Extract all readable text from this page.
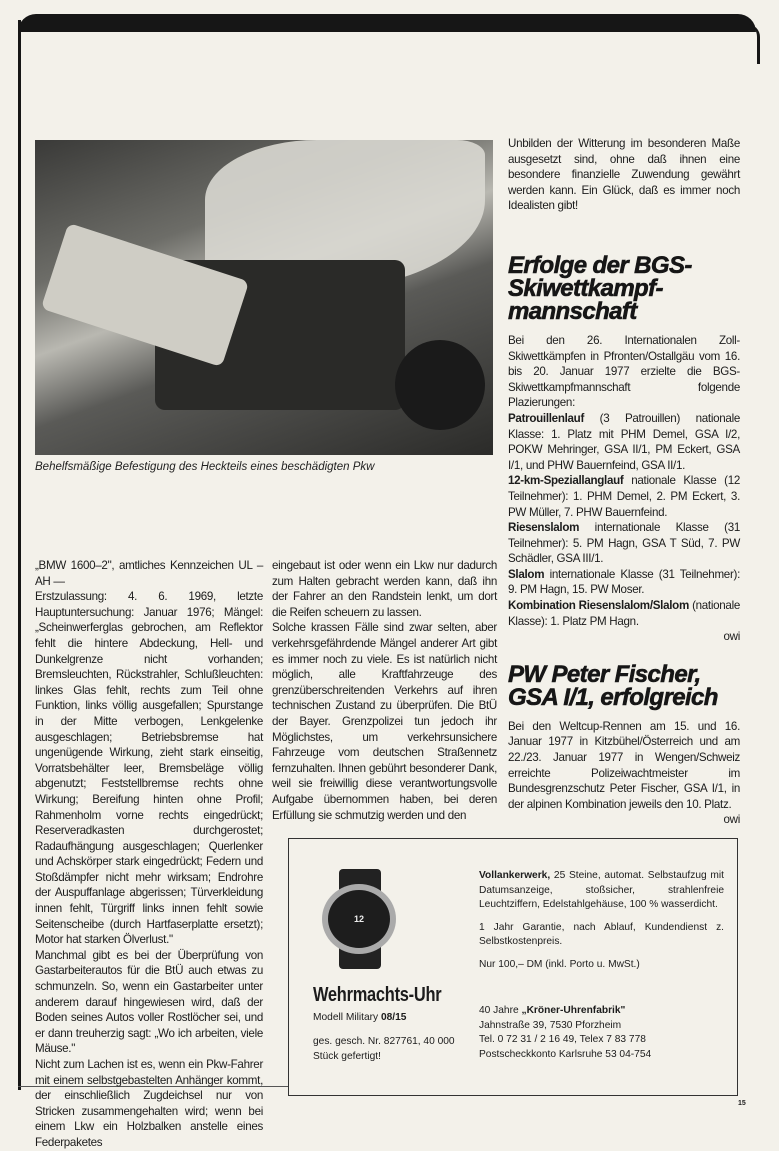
Behelfsmäßige Befestigung des Heckteils eines beschädigten Pkw

„BMW 1600–2", amtliches Kennzeichen UL – AH —

Erstzulassung: 4. 6. 1969, letzte Hauptuntersuchung: Januar 1976; Mängel: „Scheinwerferglas gebrochen, am Reflektor fehlt die hintere Abdeckung, Hell- und Dunkelgrenze nicht vorhanden; Bremsleuchten, Rückstrahler, Schlußleuchten: linkes Glas fehlt, rechts zum Teil ohne Funktion, links völlig ausgefallen; Spurstange in der Mitte verbogen, Lenkgelenke ausgeschlagen; Betriebsbremse hat ungenügende Wirkung, zieht stark einseitig, Vorratsbehälter leer, Bremsbeläge völlig abgenutzt; Feststellbremse rechts ohne Wirkung; Bereifung hinten ohne Profil; Rahmenholm vorne rechts eingedrückt; Reserveradkasten durchgerostet; Radaufhängung ausgeschlagen; Querlenker und Achskörper stark eingedrückt; Federn und Stoßdämpfer nicht mehr wirksam; Endrohre der Auspuffanlage abgerissen; Türverkleidung innen fehlt, Türgriff links innen fehlt sowie Seitenscheibe (durch Hartfaserplatte ersetzt); Motor hat starken Ölverlust."

Manchmal gibt es bei der Überprüfung von Gastarbeiterautos für die BtÜ auch etwas zu schmunzeln. So, wenn ein Gastarbeiter unter anderem darauf hingewiesen wird, daß der Boden seines Autos voller Rostlöcher sei, und er dann treuherzig sagt: „Wo ich arbeiten, viele Mäuse."

Nicht zum Lachen ist es, wenn ein Pkw-Fahrer mit einem selbstgebastelten Anhänger kommt, der einschließlich Zugdeichsel nur von Stricken zusammengehalten wird; wenn bei einem Lkw ein Holzbalken anstelle eines Federpaketes

eingebaut ist oder wenn ein Lkw nur dadurch zum Halten gebracht werden kann, daß ihn der Fahrer an den Randstein lenkt, um dort die Reifen scheuern zu lassen.

Solche krassen Fälle sind zwar selten, aber verkehrsgefährdende Mängel anderer Art gibt es immer noch zu viele. Es ist natürlich nicht möglich, alle Kraftfahrzeuge des grenzüberschreitenden Verkehrs auf ihren technischen Zustand zu überprüfen. Die BtÜ der Bayer. Grenzpolizei tun jedoch ihr Möglichstes, um verkehrsunsichere Fahrzeuge vom deutschen Straßennetz fernzuhalten. Ihnen gebührt besonderer Dank, weil sie freiwillig diese verantwortungsvolle Aufgabe übernommen haben, bei deren Erfüllung sie schmutzig werden und den

Unbilden der Witterung im besonderen Maße ausgesetzt sind, ohne daß ihnen eine besondere finanzielle Zuwendung gewährt werden kann. Ein Glück, daß es immer noch Idealisten gibt!

Erfolge der BGS-Skiwettkampf-mannschaft

Bei den 26. Internationalen Zoll-Skiwettkämpfen in Pfronten/Ostallgäu vom 16. bis 20. Januar 1977 erzielte die BGS-Skiwettkampfmannschaft folgende Plazierungen:

Patrouillenlauf (3 Patrouillen) nationale Klasse: 1. Platz mit PHM Demel, GSA I/2, POKW Mehringer, GSA II/1, PM Eckert, GSA I/1, und PHW Bauernfeind, GSA II/1.

12-km-Speziallanglauf nationale Klasse (12 Teilnehmer): 1. PHM Demel, 2. PM Eckert, 3. PW Müller, 7. PHW Bauernfeind.

Riesenslalom internationale Klasse (31 Teilnehmer): 5. PM Hagn, GSA T Süd, 7. PW Schädler, GSA III/1.

Slalom internationale Klasse (31 Teilnehmer): 9. PM Hagn, 15. PW Moser.

Kombination Riesenslalom/Slalom (nationale Klasse): 1. Platz PM Hagn.

owi

PW Peter Fischer, GSA I/1, erfolgreich

Bei den Weltcup-Rennen am 15. und 16. Januar 1977 in Kitzbühel/Österreich und am 22./23. Januar 1977 in Wengen/Schweiz erreichte Polizeiwachtmeister im Bundesgrenzschutz Peter Fischer, GSA I/1, in der alpinen Kombination jeweils den 10. Platz.

owi

12
Wehrmachts-Uhr
Modell Military 08/15
ges. gesch. Nr. 827761, 40 000 Stück gefertigt!

Vollankerwerk, 25 Steine, automat. Selbstaufzug mit Datumsanzeige, stoßsicher, strahlenfreie Leuchtziffern, Edelstahlgehäuse, 100 % wasserdicht.

1 Jahr Garantie, nach Ablauf, Kundendienst z. Selbstkostenpreis.

Nur 100,– DM (inkl. Porto u. MwSt.)

40 Jahre „Kröner-Uhrenfabrik"
Jahnstraße 39, 7530 Pforzheim
Tel. 0 72 31 / 2 16 49, Telex 7 83 778
Postscheckkonto Karlsruhe 53 04-754
15
